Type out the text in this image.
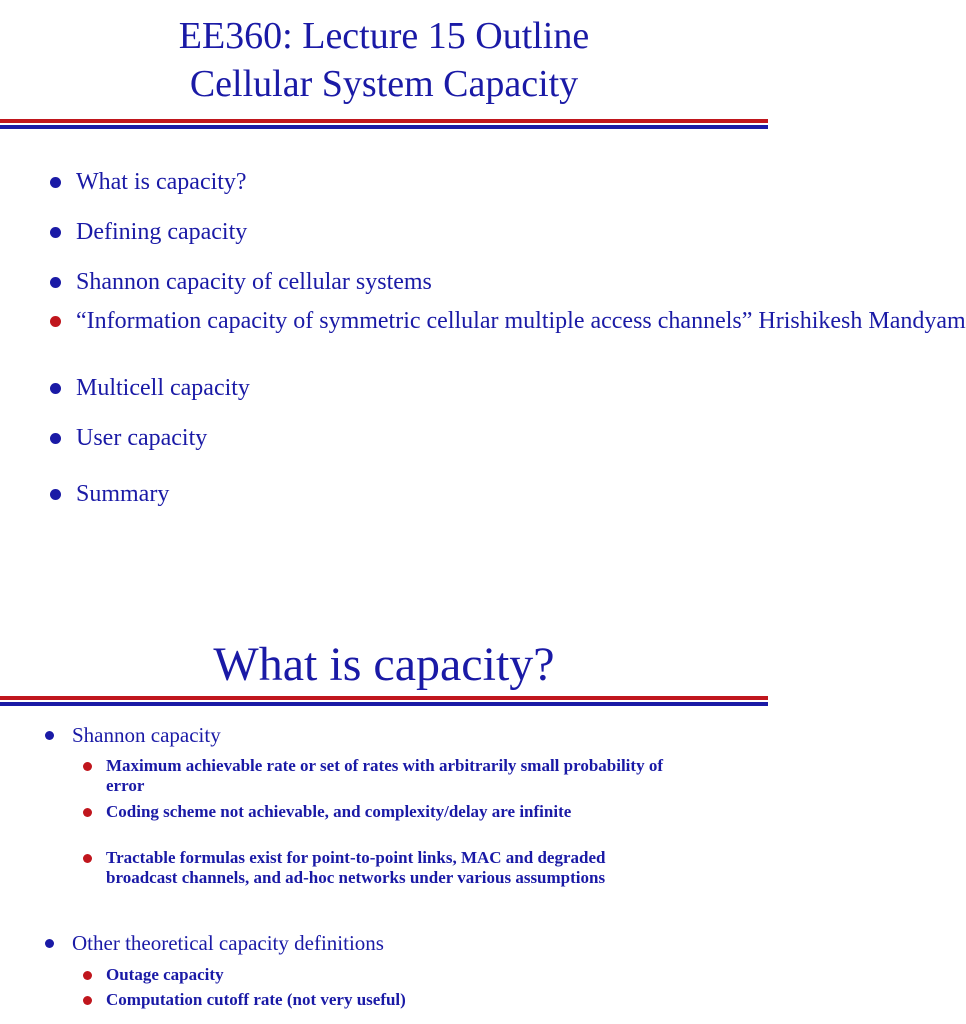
EE360: Lecture 15 Outline
Cellular System Capacity
What is capacity?
Defining capacity
Shannon capacity of cellular systems
“Information capacity of symmetric cellular multiple access channels” Hrishikesh Mandyam
Multicell capacity
User capacity
Summary
What is capacity?
Shannon capacity
Maximum achievable rate or set of rates with arbitrarily small probability of error
Coding scheme not achievable, and complexity/delay are infinite
Tractable formulas exist for point-to-point links, MAC and degraded broadcast channels, and ad-hoc networks under various assumptions
Other theoretical capacity definitions
Outage capacity
Computation cutoff rate (not very useful)
